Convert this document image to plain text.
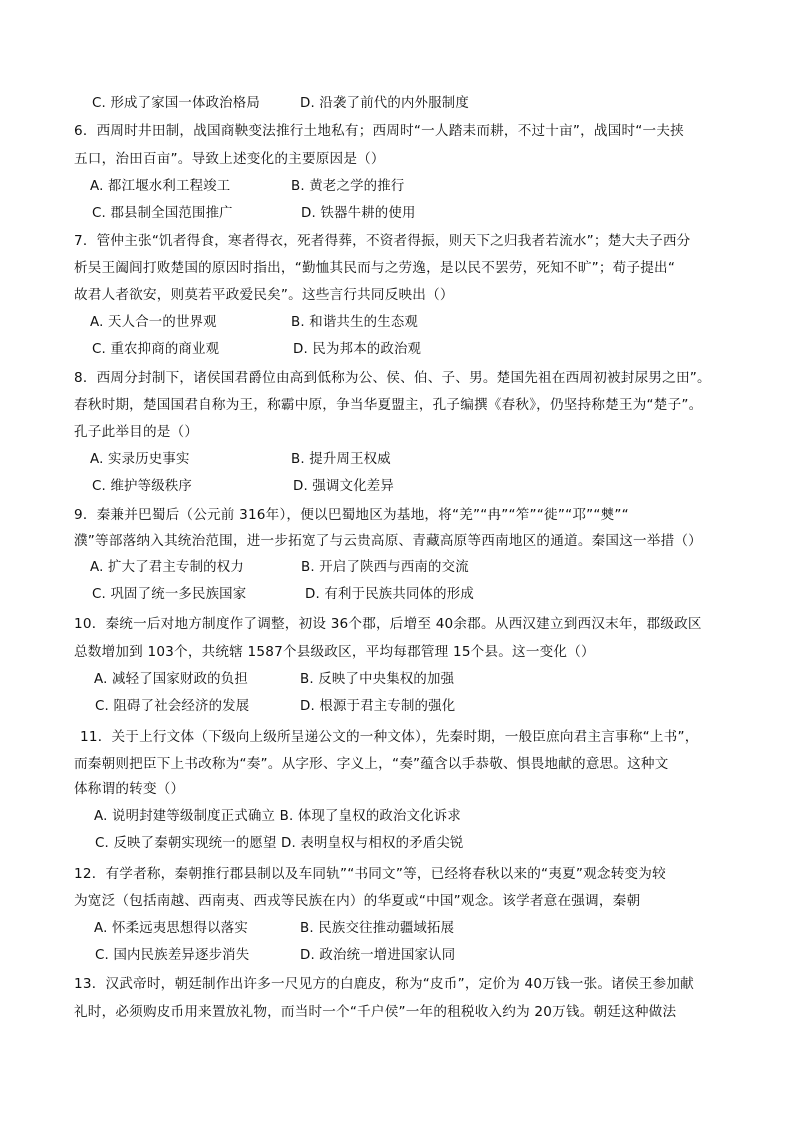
C. 形成了家国一体政治格局	D. 沿袭了前代的内外服制度
6．西周时井田制，战国商鞅变法推行土地私有；西周时“一人踏耒而耕，不过十亩”，战国时“一夫挟
五口，治田百亩”。导致上述变化的主要原因是（）
A. 都江堰水利工程竣工	B. 黄老之学的推行
C. 郡县制全国范围推广	D. 铁器牛耕的使用
7．管仲主张“饥者得食，寒者得衣，死者得葬，不资者得振，则天下之归我者若流水”；楚大夫子西分
析吴王阖闾打败楚国的原因时指出，“勤恤其民而与之劳逸，是以民不罢劳，死知不旷”；荀子提出“
故君人者欲安，则莫若平政爱民矣”。这些言行共同反映出（）
A. 天人合一的世界观	B. 和谐共生的生态观
C. 重农抑商的商业观	D. 民为邦本的政治观
8．西周分封制下，诸侯国君爵位由高到低称为公、侯、伯、子、男。楚国先祖在西周初被封尿男之田”。
春秋时期，楚国国君自称为王，称霸中原，争当华夏盟主，孔子编撰《春秋》，仍坚持称楚王为“楚子”。
孔子此举目的是（）
A. 实录历史事实	B. 提升周王权威
C. 维护等级秩序	D. 强调文化差异
9．秦兼并巴蜀后（公元前 316年），便以巴蜀地区为基地，将“羌”“冉”“笮”“徙”“邛”“僰”“
濮”等部落纳入其统治范围，进一步拓宽了与云贵高原、青藏高原等西南地区的通道。秦国这一举措（）
A. 扩大了君主专制的权力	B. 开启了陕西与西南的交流
C. 巩固了统一多民族国家	D. 有利于民族共同体的形成
10．秦统一后对地方制度作了调整，初设 36个郡，后增至 40余郡。从西汉建立到西汉末年，郡级政区
总数增加到 103个，共统辖 1587个县级政区，平均每郡管理 15个县。这一变化（）
A. 减轻了国家财政的负担	B. 反映了中央集权的加强
C. 阻碍了社会经济的发展	D. 根源于君主专制的强化
11．关于上行文体（下级向上级所呈递公文的一种文体），先秦时期，一般臣庶向君主言事称“上书”，
而秦朝则把臣下上书改称为“奏”。从字形、字义上，“奏”蕴含以手恭敬、惧畏地献的意思。这种文
体称谓的转变（）
A. 说明封建等级制度正式确立 B. 体现了皇权的政治文化诉求
C. 反映了秦朝实现统一的愿望 D. 表明皇权与相权的矛盾尖锐
12．有学者称，秦朝推行郡县制以及车同轨”“书同文”等，已经将春秋以来的“夷夏”观念转变为较
为宽泛（包括南越、西南夷、西戎等民族在内）的华夏或“中国”观念。该学者意在强调，秦朝
A. 怀柔远夷思想得以落实	B. 民族交往推动疆域拓展
C. 国内民族差异逐步消失	D. 政治统一增进国家认同
13．汉武帝时，朝廷制作出许多一尺见方的白鹿皮，称为“皮币”，定价为 40万钱一张。诸侯王参加献
礼时，必须购皮币用来置放礼物，而当时一个“千户侯”一年的租税收入约为 20万钱。朝廷这种做法
